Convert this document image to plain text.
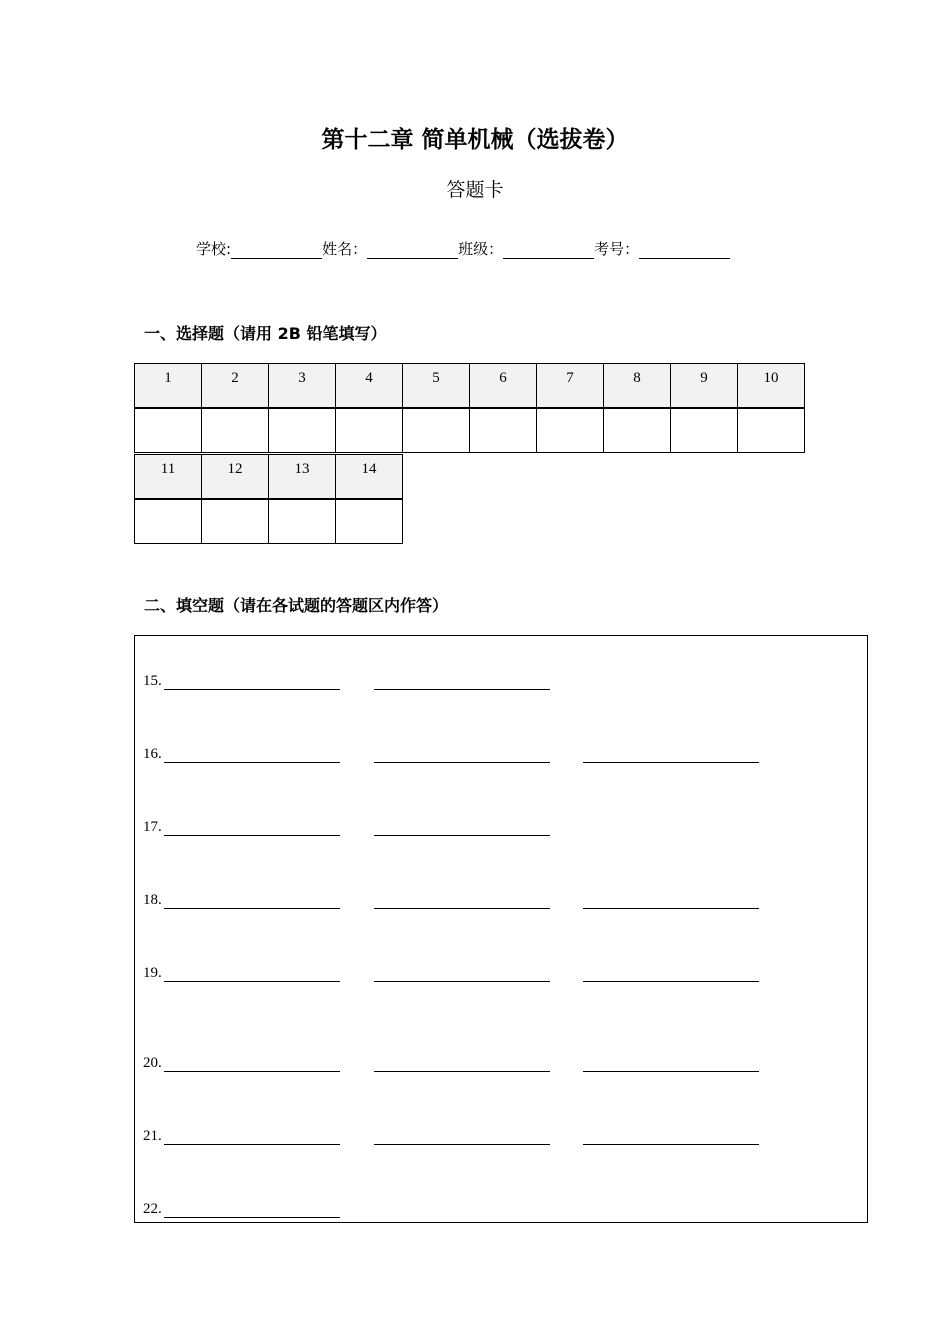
第十二章 简单机械（选拔卷）
答题卡
学校:	姓名：	班级：	考号：
一、选择题（请用 2B 铅笔填写）
1	2	3	4	5	6	7	8	9	10
11	12	13	14
二、填空题（请在各试题的答题区内作答）
15.
16.
17.
18.
19.
20.
21.
22.
